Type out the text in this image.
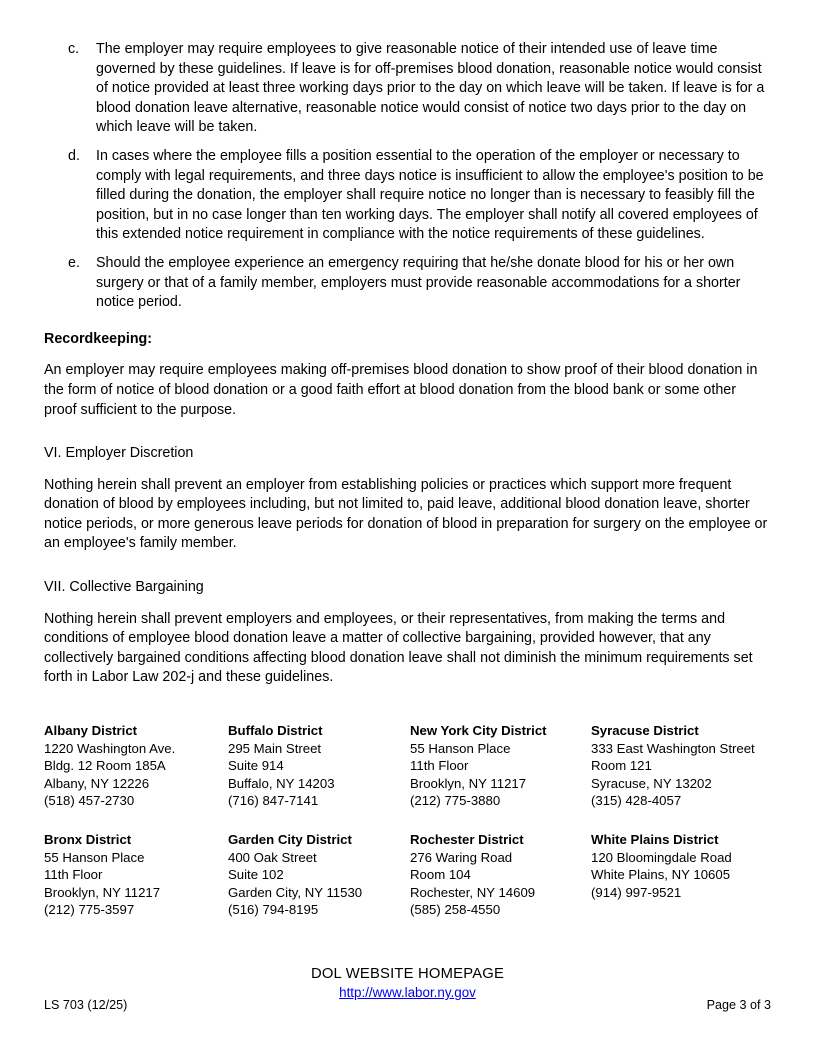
c.	The employer may require employees to give reasonable notice of their intended use of leave time governed by these guidelines. If leave is for off-premises blood donation, reasonable notice would consist of notice provided at least three working days prior to the day on which leave will be taken. If leave is for a blood donation leave alternative, reasonable notice would consist of notice two days prior to the day on which leave will be taken.
d.	In cases where the employee fills a position essential to the operation of the employer or necessary to comply with legal requirements, and three days notice is insufficient to allow the employee's position to be filled during the donation, the employer shall require notice no longer than is necessary to feasibly fill the position, but in no case longer than ten working days. The employer shall notify all covered employees of this extended notice requirement in compliance with the notice requirements of these guidelines.
e.	Should the employee experience an emergency requiring that he/she donate blood for his or her own surgery or that of a family member, employers must provide reasonable accommodations for a shorter notice period.
Recordkeeping:

An employer may require employees making off-premises blood donation to show proof of their blood donation in the form of notice of blood donation or a good faith effort at blood donation from the blood bank or some other proof sufficient to the purpose.

VI. Employer Discretion

Nothing herein shall prevent an employer from establishing policies or practices which support more frequent donation of blood by employees including, but not limited to, paid leave, additional blood donation leave, shorter notice periods, or more generous leave periods for donation of blood in preparation for surgery on the employee or an employee's family member.

VII. Collective Bargaining

Nothing herein shall prevent employers and employees, or their representatives, from making the terms and conditions of employee blood donation leave a matter of collective bargaining, provided however, that any collectively bargained conditions affecting blood donation leave shall not diminish the minimum requirements set forth in Labor Law 202-j and these guidelines.

Albany District
1220 Washington Ave.
Bldg. 12 Room 185A
Albany, NY 12226
(518) 457-2730
Buffalo District
295 Main Street
Suite 914
Buffalo, NY 14203
(716) 847-7141
New York City District
55 Hanson Place
11th Floor
Brooklyn, NY 11217
(212) 775-3880
Syracuse District
333 East Washington Street
Room 121
Syracuse, NY 13202
(315) 428-4057
Bronx District
55 Hanson Place
11th Floor
Brooklyn, NY 11217
(212) 775-3597
Garden City District
400 Oak Street
Suite 102
Garden City, NY 11530
(516) 794-8195
Rochester District
276 Waring Road
Room 104
Rochester, NY 14609
(585) 258-4550
White Plains District
120 Bloomingdale Road
White Plains, NY 10605
(914) 997-9521
DOL WEBSITE HOMEPAGE
http://www.labor.ny.gov
LS 703 (12/25)	Page 3 of 3
